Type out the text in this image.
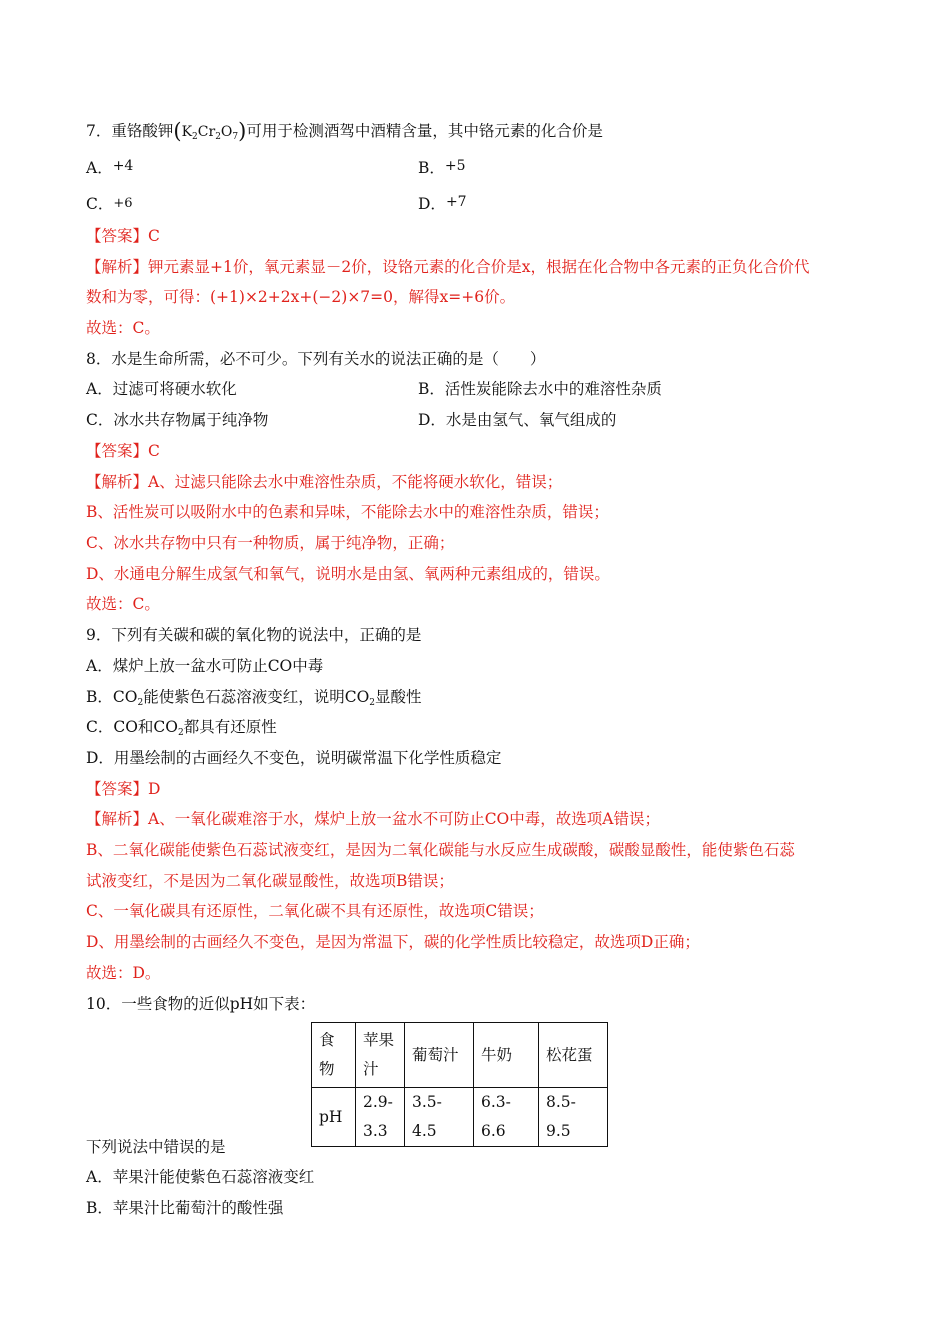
7．重铬酸钾$(K_2Cr_2O_7)$可用于检测酒驾中酒精含量，其中铬元素的化合价是
A．+4	B．+5
C．+6	D．+7
【答案】C
【解析】钾元素显+1价，氧元素显－2价，设铬元素的化合价是x，根据在化合物中各元素的正负化合价代
数和为零，可得：(+1)×2+2x+(−2)×7=0，解得x=+6价。
故选：C。
8．水是生命所需，必不可少。下列有关水的说法正确的是（　　）
A．过滤可将硬水软化	B．活性炭能除去水中的难溶性杂质
C．冰水共存物属于纯净物	D．水是由氢气、氧气组成的
【答案】C
【解析】A、过滤只能除去水中难溶性杂质，不能将硬水软化，错误；
B、活性炭可以吸附水中的色素和异味，不能除去水中的难溶性杂质，错误；
C、冰水共存物中只有一种物质，属于纯净物，正确；
D、水通电分解生成氢气和氧气，说明水是由氢、氧两种元素组成的，错误。
故选：C。
9．下列有关碳和碳的氧化物的说法中，正确的是
A．煤炉上放一盆水可防止CO中毒
B．$CO_2$能使紫色石蕊溶液变红，说明$CO_2$显酸性
C．CO和$CO_2$都具有还原性
D．用墨绘制的古画经久不变色，说明碳常温下化学性质稳定
【答案】D
【解析】A、一氧化碳难溶于水，煤炉上放一盆水不可防止CO中毒，故选项A错误；
B、二氧化碳能使紫色石蕊试液变红，是因为二氧化碳能与水反应生成碳酸，碳酸显酸性，能使紫色石蕊
试液变红，不是因为二氧化碳显酸性，故选项B错误；
C、一氧化碳具有还原性，二氧化碳不具有还原性，故选项C错误；
D、用墨绘制的古画经久不变色，是因为常温下，碳的化学性质比较稳定，故选项D正确；
故选：D。
10．一些食物的近似pH如下表：
食物	苹果汁	葡萄汁	牛奶	松花蛋
pH	2.9-3.3	3.5-4.5	6.3-6.6	8.5-9.5
下列说法中错误的是
A．苹果汁能使紫色石蕊溶液变红
B．苹果汁比葡萄汁的酸性强
